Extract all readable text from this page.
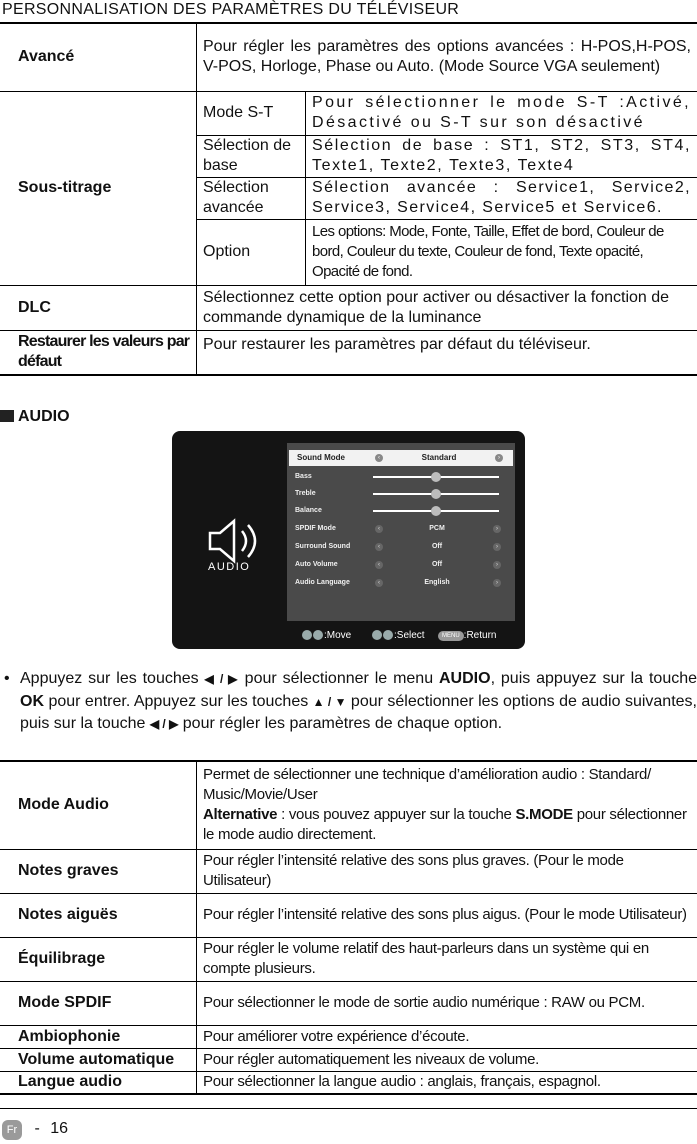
PERSONNALISATION DES PARAMÈTRES DU TÉLÉVISEUR
Avancé	Pour régler les paramètres des options avancées : H-POS,H-POS, V-POS, Horloge, Phase ou Auto. (Mode Source VGA seulement)	
Sous-titrage	Mode S-T	Pour sélectionner le mode S-T :Activé, Désactivé ou S-T sur son désactivé
	Sélection de base	Sélection de base : ST1, ST2, ST3, ST4, Texte1, Texte2, Texte3, Texte4
	Sélection avancée	Sélection avancée : Service1, Service2, Service3, Service4, Service5 et Service6.
	Option	Les options: Mode, Fonte, Taille, Effet de bord, Couleur de bord, Couleur du texte, Couleur de fond, Texte opacité, Opacité de fond.
DLC	Sélectionnez cette option pour activer ou désactiver la fonction de commande dynamique de la luminance	
Restaurer les valeurs par défaut	Pour restaurer les paramètres par défaut du téléviseur.	
AUDIO
AUDIO
Sound Mode	‹	Standard	›
Bass
Treble
Balance
SPDIF Mode	‹	PCM	›
Surround Sound	‹	Off	›
Auto Volume	‹	Off	›
Audio Language	‹	English	›
:Move	:Select	MENU :Return
• Appuyez sur les touches ◀ / ▶ pour sélectionner le menu AUDIO, puis appuyez sur la touche OK pour entrer. Appuyez sur les touches ▲ / ▼ pour sélectionner les options de audio suivantes, puis sur la touche ◀ / ▶ pour régler les paramètres de chaque option.
Mode Audio	Permet de sélectionner une technique d’amélioration audio : Standard/ Music/Movie/User
Alternative : vous pouvez appuyer sur la touche S.MODE pour sélectionner le mode audio directement.
Notes graves	Pour régler l’intensité relative des sons plus graves. (Pour le mode Utilisateur)
Notes aiguës	Pour régler l’intensité relative des sons plus aigus. (Pour le mode Utilisateur)
Équilibrage	Pour régler le volume relatif des haut-parleurs dans un système qui en compte plusieurs.
Mode SPDIF	Pour sélectionner le mode de sortie audio numérique : RAW ou PCM.
Ambiophonie	Pour améliorer votre expérience d’écoute.
Volume automatique	Pour régler automatiquement les niveaux de volume.
Langue audio	Pour sélectionner la langue audio : anglais, français, espagnol.
Fr - 16
